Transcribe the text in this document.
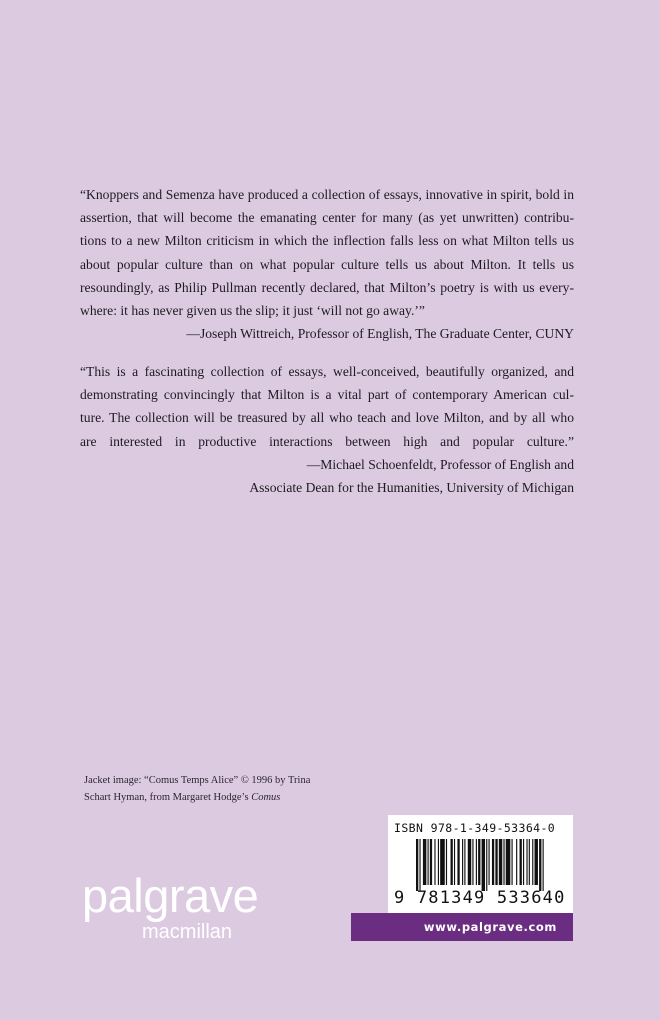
“Knoppers and Semenza have produced a collection of essays, innovative in spirit, bold in
assertion, that will become the emanating center for many (as yet unwritten) contribu-
tions to a new Milton criticism in which the inflection falls less on what Milton tells us
about popular culture than on what popular culture tells us about Milton. It tells us
resoundingly, as Philip Pullman recently declared, that Milton’s poetry is with us every-
where: it has never given us the slip; it just ‘will not go away.’”
—Joseph Wittreich, Professor of English, The Graduate Center, CUNY
“This is a fascinating collection of essays, well-conceived, beautifully organized, and
demonstrating convincingly that Milton is a vital part of contemporary American cul-
ture. The collection will be treasured by all who teach and love Milton, and by all who
are interested in productive interactions between high and popular culture.”
—Michael Schoenfeldt, Professor of English and
Associate Dean for the Humanities, University of Michigan
Jacket image: “Comus Temps Alice” © 1996 by Trina
Schart Hyman, from Margaret Hodge’s Comus
palgrave
macmillan
ISBN 978-1-349-53364-0
9 781349 533640
www.palgrave.com
